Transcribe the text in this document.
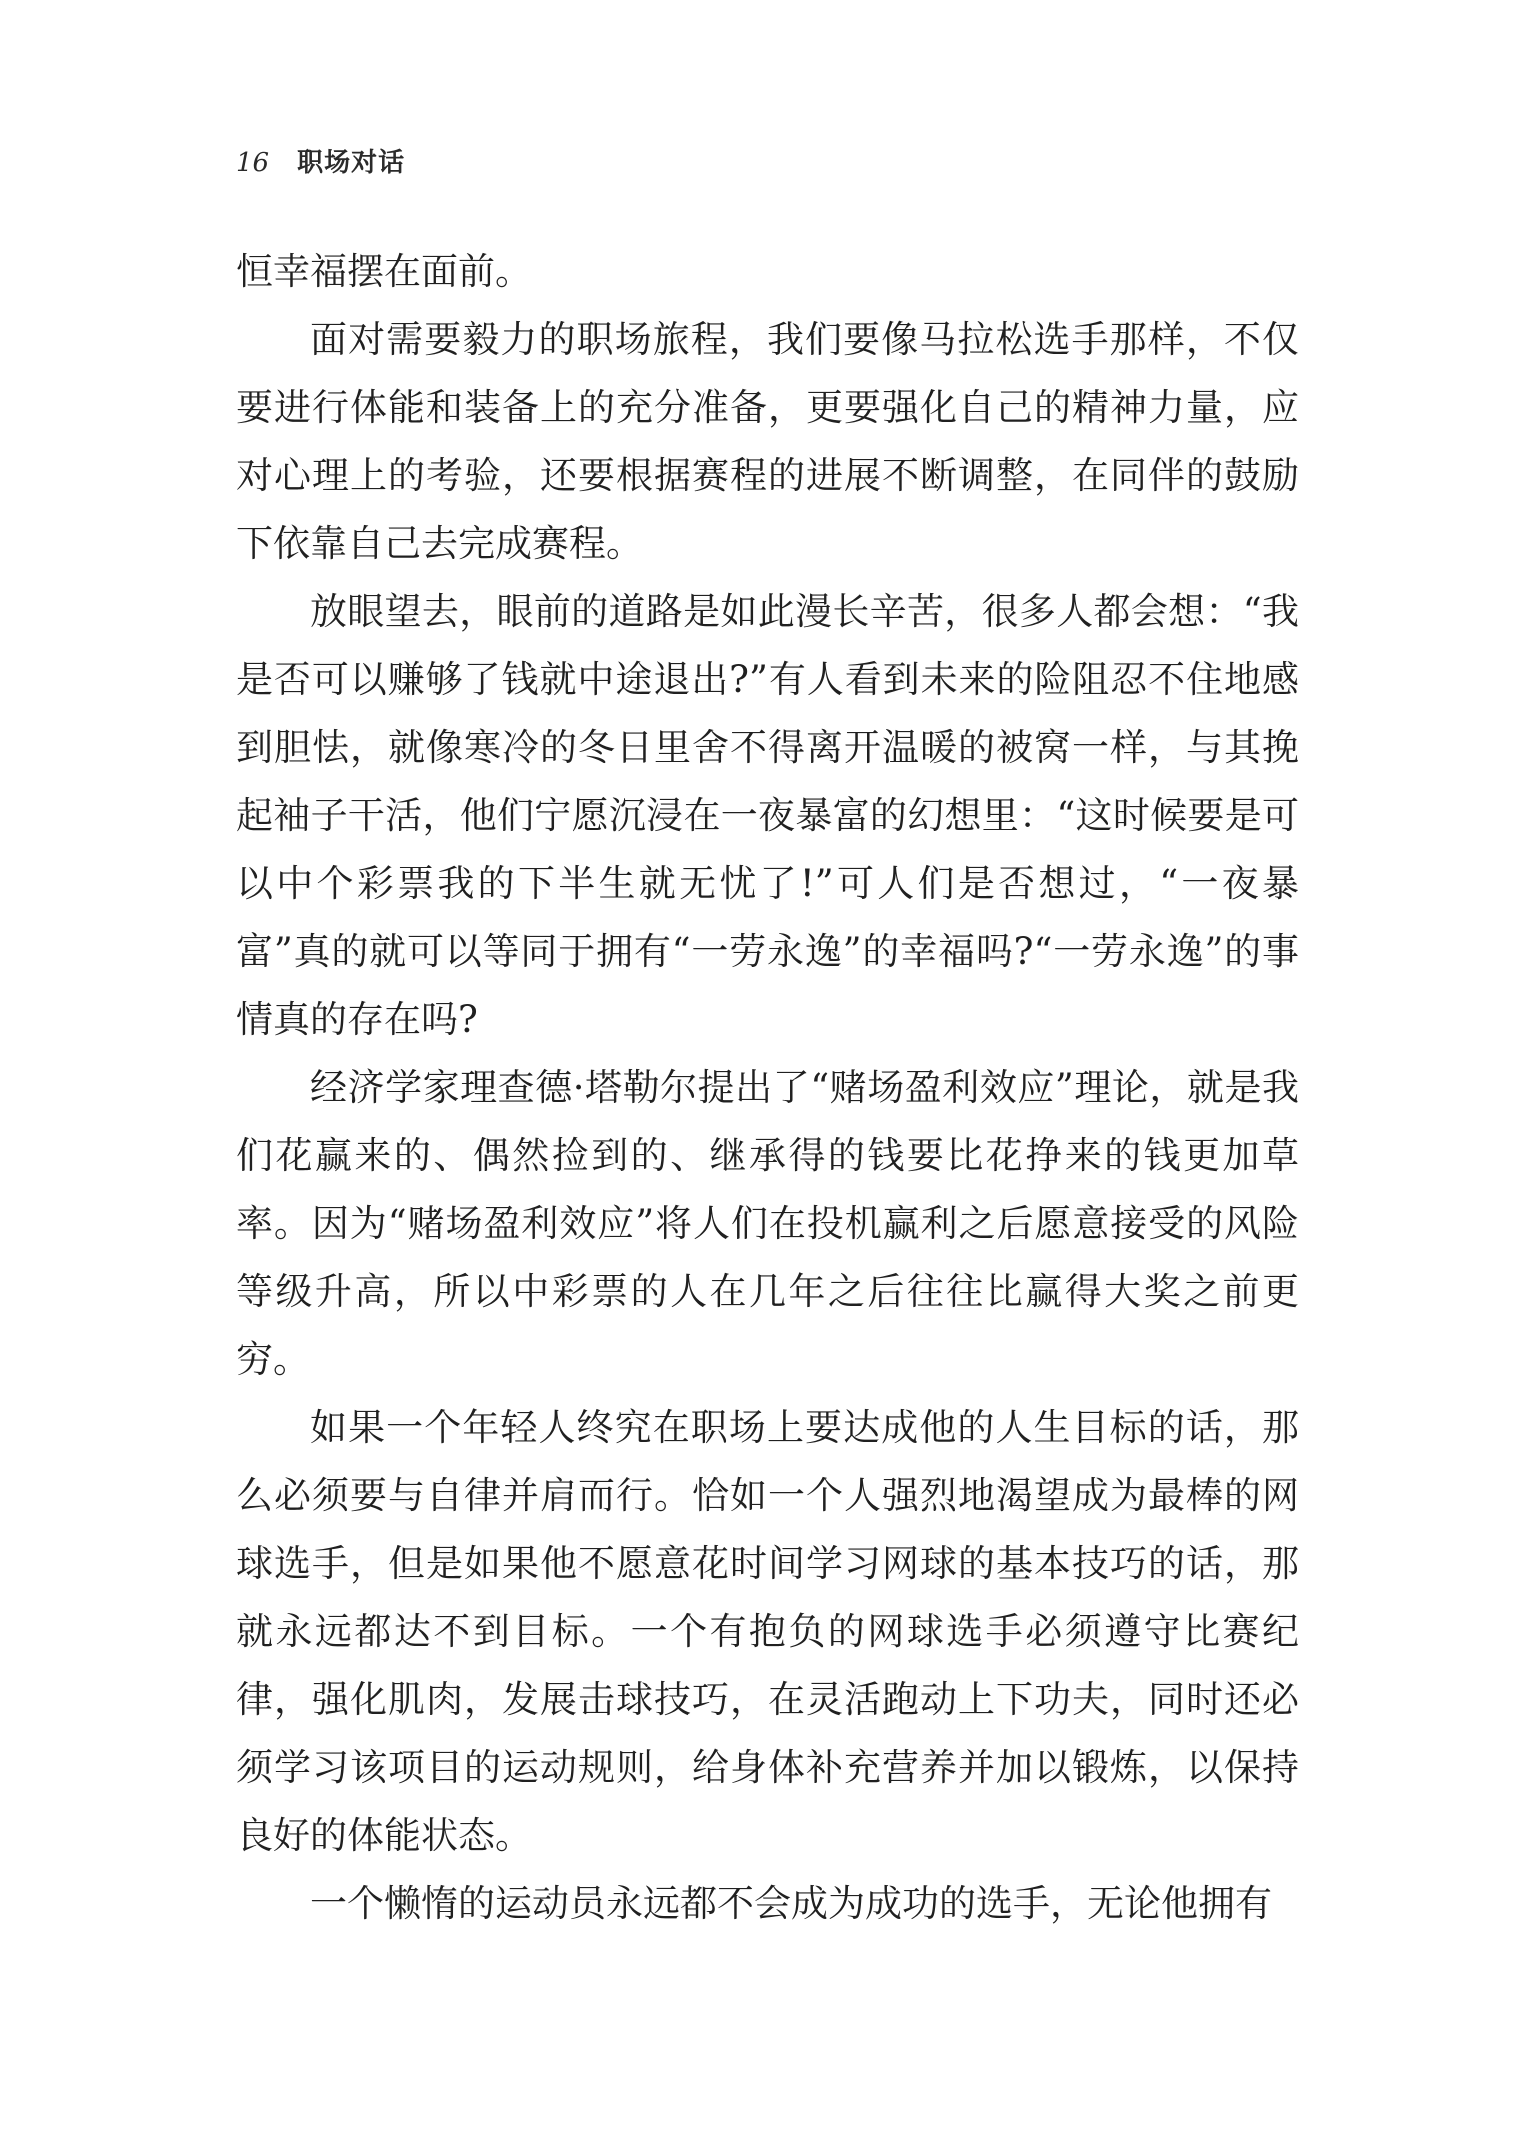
16 职场对话

恒幸福摆在面前。

面对需要毅力的职场旅程，我们要像马拉松选手那样，不仅要进行体能和装备上的充分准备，更要强化自己的精神力量，应对心理上的考验，还要根据赛程的进展不断调整，在同伴的鼓励下依靠自己去完成赛程。

放眼望去，眼前的道路是如此漫长辛苦，很多人都会想：“我是否可以赚够了钱就中途退出?”有人看到未来的险阻忍不住地感到胆怯，就像寒冷的冬日里舍不得离开温暖的被窝一样，与其挽起袖子干活，他们宁愿沉浸在一夜暴富的幻想里：“这时候要是可以中个彩票我的下半生就无忧了!”可人们是否想过，“一夜暴富”真的就可以等同于拥有“一劳永逸”的幸福吗?“一劳永逸”的事情真的存在吗?

经济学家理查德·塔勒尔提出了“赌场盈利效应”理论，就是我们花赢来的、偶然捡到的、继承得的钱要比花挣来的钱更加草率。因为“赌场盈利效应”将人们在投机赢利之后愿意接受的风险等级升高，所以中彩票的人在几年之后往往比赢得大奖之前更穷。

如果一个年轻人终究在职场上要达成他的人生目标的话，那么必须要与自律并肩而行。恰如一个人强烈地渴望成为最棒的网球选手，但是如果他不愿意花时间学习网球的基本技巧的话，那就永远都达不到目标。一个有抱负的网球选手必须遵守比赛纪律，强化肌肉，发展击球技巧，在灵活跑动上下功夫，同时还必须学习该项目的运动规则，给身体补充营养并加以锻炼，以保持良好的体能状态。

一个懒惰的运动员永远都不会成为成功的选手，无论他拥有
